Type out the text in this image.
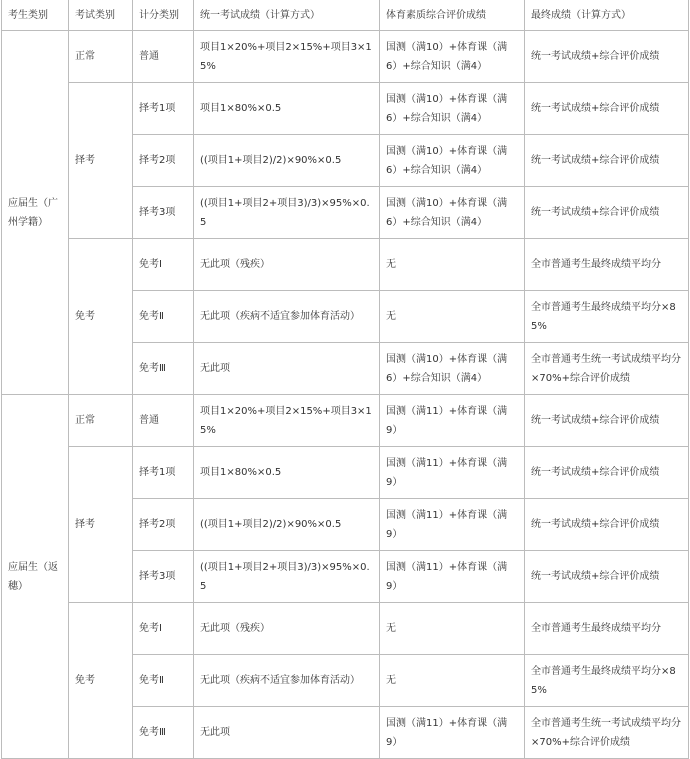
考生类别	考试类别	计分类别	统一考试成绩（计算方式）	体育素质综合评价成绩	最终成绩（计算方式）
应届生（广州学籍）	正常	普通	项目1×20%+项目2×15%+项目3×15%	国测（满10）+体育课（满6）+综合知识（满4）	统一考试成绩+综合评价成绩
	择考	择考1项	项目1×80%×0.5	国测（满10）+体育课（满6）+综合知识（满4）	统一考试成绩+综合评价成绩
		择考2项	((项目1+项目2)/2)×90%×0.5	国测（满10）+体育课（满6）+综合知识（满4）	统一考试成绩+综合评价成绩
		择考3项	((项目1+项目2+项目3)/3)×95%×0.5	国测（满10）+体育课（满6）+综合知识（满4）	统一考试成绩+综合评价成绩
	免考	免考Ⅰ	无此项（残疾）	无	全市普通考生最终成绩平均分
		免考Ⅱ	无此项（疾病不适宜参加体育活动）	无	全市普通考生最终成绩平均分×85%
		免考Ⅲ	无此项	国测（满10）+体育课（满6）+综合知识（满4）	全市普通考生统一考试成绩平均分×70%+综合评价成绩
应届生（返穗）	正常	普通	项目1×20%+项目2×15%+项目3×15%	国测（满11）+体育课（满9）	统一考试成绩+综合评价成绩
	择考	择考1项	项目1×80%×0.5	国测（满11）+体育课（满9）	统一考试成绩+综合评价成绩
		择考2项	((项目1+项目2)/2)×90%×0.5	国测（满11）+体育课（满9）	统一考试成绩+综合评价成绩
		择考3项	((项目1+项目2+项目3)/3)×95%×0.5	国测（满11）+体育课（满9）	统一考试成绩+综合评价成绩
	免考	免考Ⅰ	无此项（残疾）	无	全市普通考生最终成绩平均分
		免考Ⅱ	无此项（疾病不适宜参加体育活动）	无	全市普通考生最终成绩平均分×85%
		免考Ⅲ	无此项	国测（满11）+体育课（满9）	全市普通考生统一考试成绩平均分×70%+综合评价成绩
